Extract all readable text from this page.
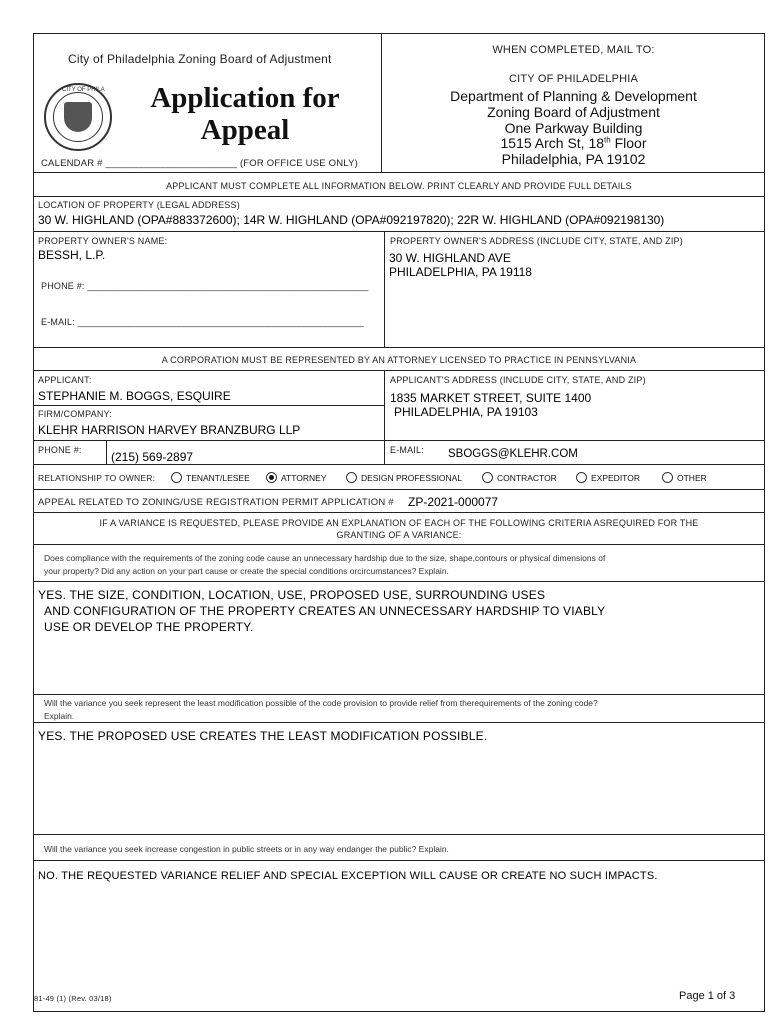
City of Philadelphia Zoning Board of Adjustment
CITY OF PHILA	Application for
Appeal
CALENDAR # ________________________ (FOR OFFICE USE ONLY)
WHEN COMPLETED, MAIL TO:
CITY OF PHILADELPHIA
Department of Planning & Development
Zoning Board of Adjustment
One Parkway Building
1515 Arch St, 18th Floor
Philadelphia, PA 19102
APPLICANT MUST COMPLETE ALL INFORMATION BELOW. PRINT CLEARLY AND PROVIDE FULL DETAILS
LOCATION OF PROPERTY (LEGAL ADDRESS)
30 W. HIGHLAND (OPA#883372600); 14R W. HIGHLAND (OPA#092197820); 22R W. HIGHLAND (OPA#092198130)
PROPERTY OWNER'S NAME:
BESSH, L.P.
PHONE #: ______________________________________________________
E-MAIL: _______________________________________________________
PROPERTY OWNER'S ADDRESS (INCLUDE CITY, STATE, AND ZIP)
30 W. HIGHLAND AVE
PHILADELPHIA, PA 19118
A CORPORATION MUST BE REPRESENTED BY AN ATTORNEY LICENSED TO PRACTICE IN PENNSYLVANIA
APPLICANT:
STEPHANIE M. BOGGS, ESQUIRE
FIRM/COMPANY:
KLEHR HARRISON HARVEY BRANZBURG LLP
PHONE #: (215) 569-2897
APPLICANT'S ADDRESS (INCLUDE CITY, STATE, AND ZIP)
1835 MARKET STREET, SUITE 1400
PHILADELPHIA, PA 19103
E-MAIL: SBOGGS@KLEHR.COM
RELATIONSHIP TO OWNER:	TENANT/LESEE	ATTORNEY	DESIGN PROFESSIONAL	CONTRACTOR	EXPEDITOR	OTHER
APPEAL RELATED TO ZONING/USE REGISTRATION PERMIT APPLICATION # ZP-2021-000077
IF A VARIANCE IS REQUESTED, PLEASE PROVIDE AN EXPLANATION OF EACH OF THE FOLLOWING CRITERIA ASREQUIRED FOR THE
GRANTING OF A VARIANCE:
Does compliance with the requirements of the zoning code cause an unnecessary hardship due to the size, shape,contours or physical dimensions of
your property? Did any action on your part cause or create the special conditions orcircumstances? Explain.
YES. THE SIZE, CONDITION, LOCATION, USE, PROPOSED USE, SURROUNDING USES
AND CONFIGURATION OF THE PROPERTY CREATES AN UNNECESSARY HARDSHIP TO VIABLY
USE OR DEVELOP THE PROPERTY.
Will the variance you seek represent the least modification possible of the code provision to provide relief from therequirements of the zoning code?
Explain.
YES. THE PROPOSED USE CREATES THE LEAST MODIFICATION POSSIBLE.
Will the variance you seek increase congestion in public streets or in any way endanger the public? Explain.
NO. THE REQUESTED VARIANCE RELIEF AND SPECIAL EXCEPTION WILL CAUSE OR CREATE NO SUCH IMPACTS.
81-49 (1) (Rev. 03/18)	Page 1 of 3
